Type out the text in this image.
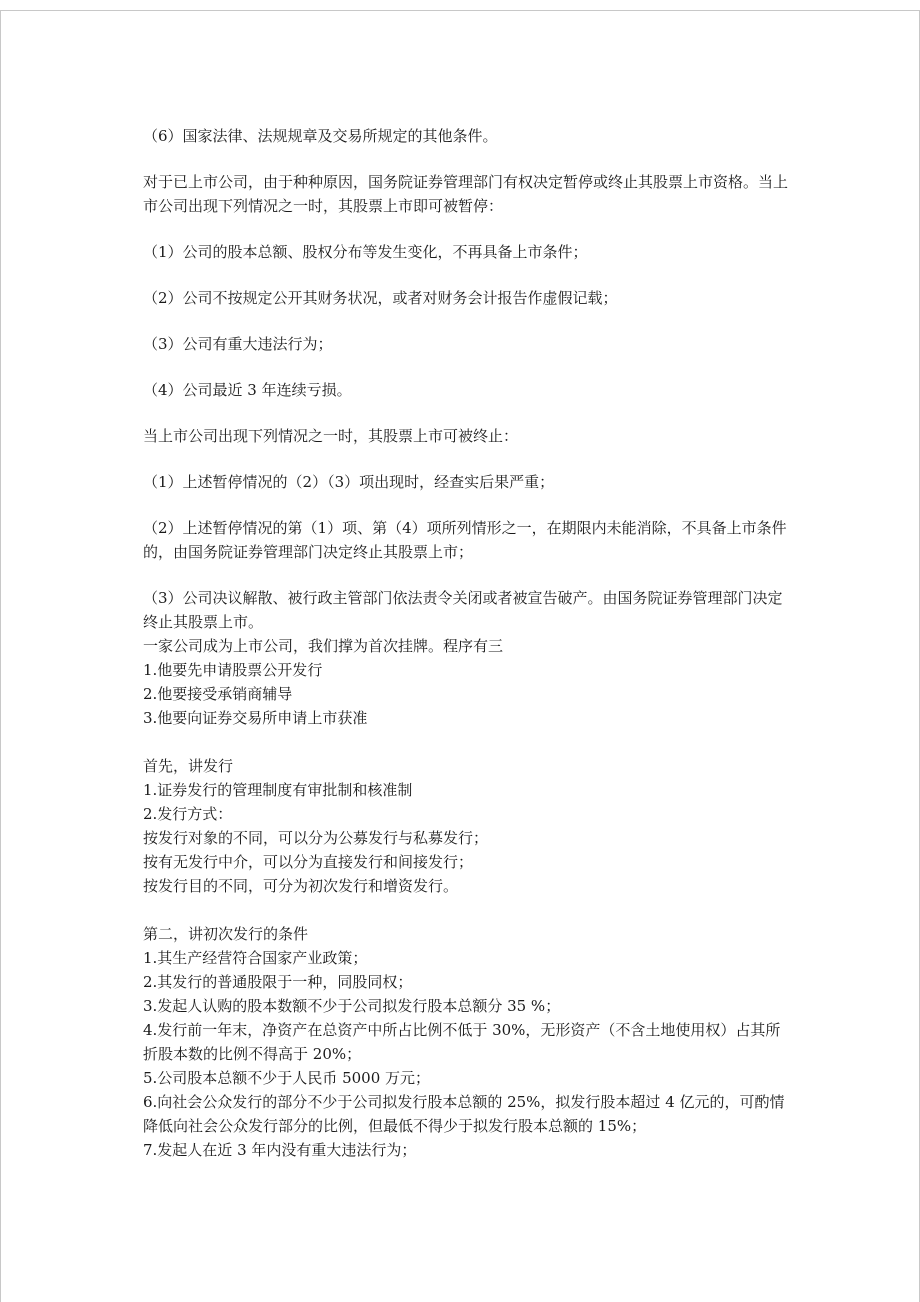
（6）国家法律、法规规章及交易所规定的其他条件。

对于已上市公司，由于种种原因，国务院证券管理部门有权决定暂停或终止其股票上市资格。当上市公司出现下列情况之一时，其股票上市即可被暂停：

（1）公司的股本总额、股权分布等发生变化，不再具备上市条件；

（2）公司不按规定公开其财务状况，或者对财务会计报告作虚假记载；

（3）公司有重大违法行为；

（4）公司最近 3 年连续亏损。

当上市公司出现下列情况之一时，其股票上市可被终止：

（1）上述暂停情况的（2）（3）项出现时，经查实后果严重；

（2）上述暂停情况的第（1）项、第（4）项所列情形之一，在期限内未能消除，不具备上市条件的，由国务院证券管理部门决定终止其股票上市；

（3）公司决议解散、被行政主管部门依法责令关闭或者被宣告破产。由国务院证券管理部门决定终止其股票上市。

一家公司成为上市公司，我们撑为首次挂牌。程序有三

1.他要先申请股票公开发行

2.他要接受承销商辅导

3.他要向证券交易所申请上市获准

首先，讲发行

1.证券发行的管理制度有审批制和核准制

2.发行方式：

按发行对象的不同，可以分为公募发行与私募发行；

按有无发行中介，可以分为直接发行和间接发行；

按发行目的不同，可分为初次发行和增资发行。

第二，讲初次发行的条件

1.其生产经营符合国家产业政策；

2.其发行的普通股限于一种，同股同权；

3.发起人认购的股本数额不少于公司拟发行股本总额分 35 %；

4.发行前一年末，净资产在总资产中所占比例不低于 30%，无形资产（不含土地使用权）占其所折股本数的比例不得高于 20%；

5.公司股本总额不少于人民币 5000 万元；

6.向社会公众发行的部分不少于公司拟发行股本总额的 25%，拟发行股本超过 4 亿元的，可酌情降低向社会公众发行部分的比例，但最低不得少于拟发行股本总额的 15%；

7.发起人在近 3 年内没有重大违法行为；
